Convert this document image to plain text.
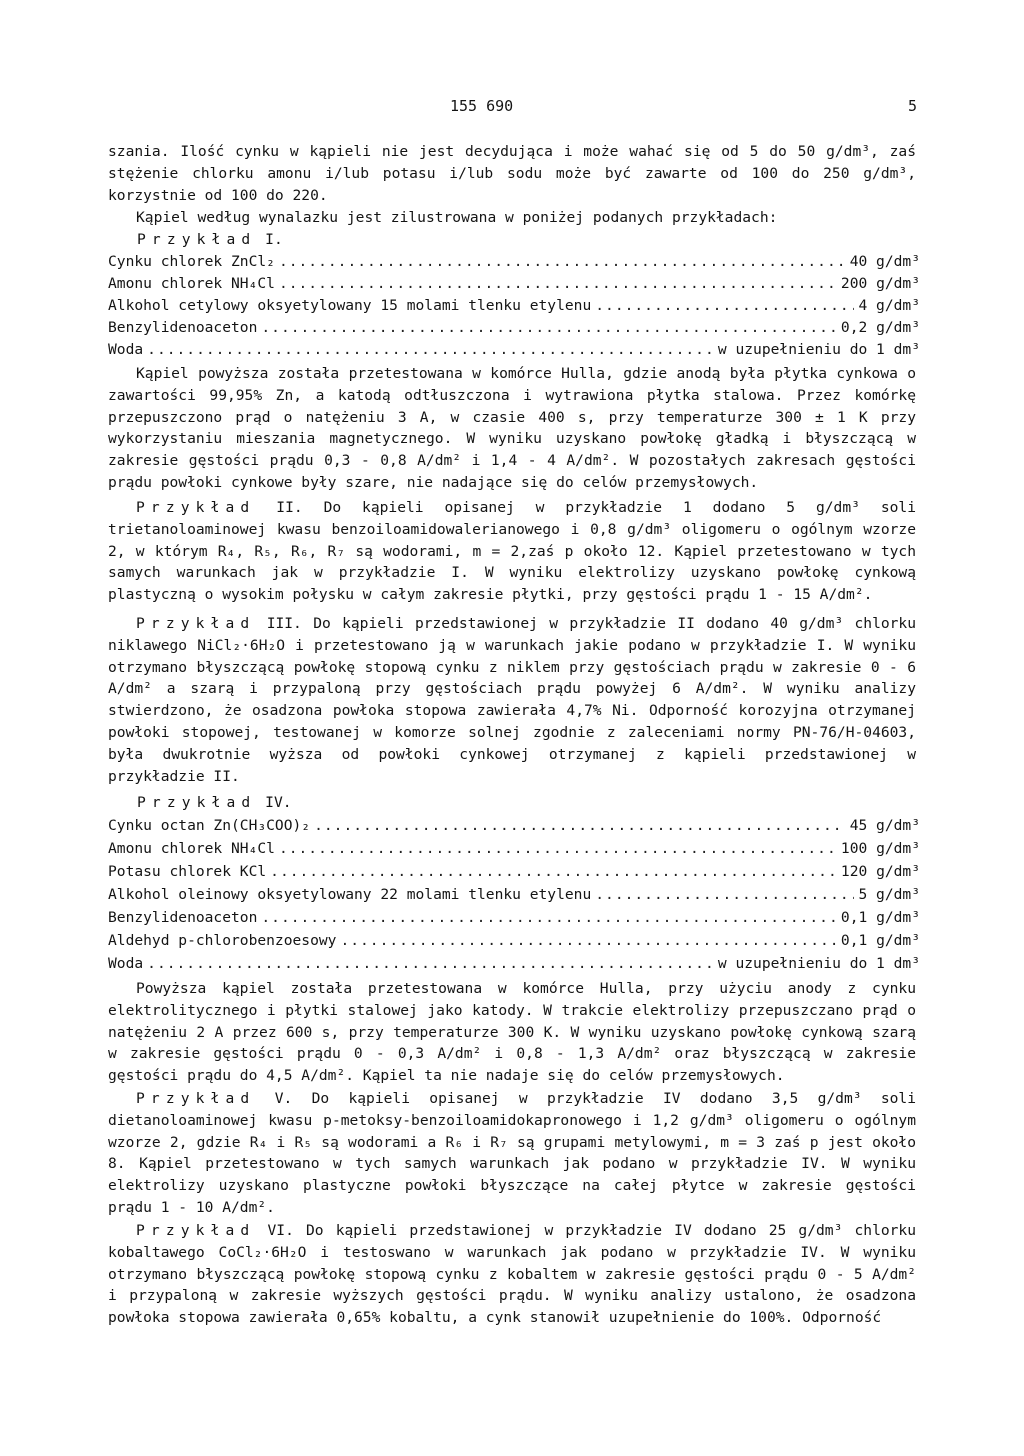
155 690	5

szania. Ilość cynku w kąpieli nie jest decydująca i może wahać się od 5 do 50 g/dm³, zaś stężenie chlorku amonu i/lub potasu i/lub sodu może być zawarte od 100 do 250 g/dm³, korzystnie od 100 do 220.

Kąpiel według wynalazku jest zilustrowana w poniżej podanych przykładach:

Przykład I.
Cynku chlorek ZnCl₂ .....	40 g/dm³
Amonu chlorek NH₄Cl .....	200 g/dm³
Alkohol cetylowy oksyetylowany 15 molami tlenku etylenu .....	4 g/dm³
Benzylidenoaceton .....	0,2 g/dm³
Woda .....	w uzupełnieniu do 1 dm³

Kąpiel powyższa została przetestowana w komórce Hulla, gdzie anodą była płytka cynkowa o zawartości 99,95% Zn, a katodą odtłuszczona i wytrawiona płytka stalowa. Przez komórkę przepuszczono prąd o natężeniu 3 A, w czasie 400 s, przy temperaturze 300 ± 1 K przy wykorzystaniu mieszania magnetycznego. W wyniku uzyskano powłokę gładką i błyszczącą w zakresie gęstości prądu 0,3 - 0,8 A/dm² i 1,4 - 4 A/dm². W pozostałych zakresach gęstości prądu powłoki cynkowe były szare, nie nadające się do celów przemysłowych.

Przykład II. Do kąpieli opisanej w przykładzie 1 dodano 5 g/dm³ soli trietanoloaminowej kwasu benzoiloamidowalerianowego i 0,8 g/dm³ oligomeru o ogólnym wzorze 2, w którym R₄, R₅, R₆, R₇ są wodorami, m = 2,zaś p około 12. Kąpiel przetestowano w tych samych warunkach jak w przykładzie I. W wyniku elektrolizy uzyskano powłokę cynkową plastyczną o wysokim połysku w całym zakresie płytki, przy gęstości prądu 1 - 15 A/dm².

Przykład III. Do kąpieli przedstawionej w przykładzie II dodano 40 g/dm³ chlorku niklawego NiCl₂·6H₂O i przetestowano ją w warunkach jakie podano w przykładzie I. W wyniku otrzymano błyszczącą powłokę stopową cynku z niklem przy gęstościach prądu w zakresie 0 - 6 A/dm² a szarą i przypaloną przy gęstościach prądu powyżej 6 A/dm². W wyniku analizy stwierdzono, że osadzona powłoka stopowa zawierała 4,7% Ni. Odporność korozyjna otrzymanej powłoki stopowej, testowanej w komorze solnej zgodnie z zaleceniami normy PN-76/H-04603, była dwukrotnie wyższa od powłoki cynkowej otrzymanej z kąpieli przedstawionej w przykładzie II.

Przykład IV.
Cynku octan Zn(CH₃COO)₂ .....	45 g/dm³
Amonu chlorek NH₄Cl .....	100 g/dm³
Potasu chlorek KCl .....	120 g/dm³
Alkohol oleinowy oksyetylowany 22 molami tlenku etylenu .....	5 g/dm³
Benzylidenoaceton .....	0,1 g/dm³
Aldehyd p-chlorobenzoesowy .....	0,1 g/dm³
Woda .....	w uzupełnieniu do 1 dm³

Powyższa kąpiel została przetestowana w komórce Hulla, przy użyciu anody z cynku elektrolitycznego i płytki stalowej jako katody. W trakcie elektrolizy przepuszczano prąd o natężeniu 2 A przez 600 s, przy temperaturze 300 K. W wyniku uzyskano powłokę cynkową szarą w zakresie gęstości prądu 0 - 0,3 A/dm² i 0,8 - 1,3 A/dm² oraz błyszczącą w zakresie gęstości prądu do 4,5 A/dm². Kąpiel ta nie nadaje się do celów przemysłowych.

Przykład V. Do kąpieli opisanej w przykładzie IV dodano 3,5 g/dm³ soli dietanoloaminowej kwasu p-metoksy-benzoiloamidokapronowego i 1,2 g/dm³ oligomeru o ogólnym wzorze 2, gdzie R₄ i R₅ są wodorami a R₆ i R₇ są grupami metylowymi, m = 3 zaś p jest około 8. Kąpiel przetestowano w tych samych warunkach jak podano w przykładzie IV. W wyniku elektrolizy uzyskano plastyczne powłoki błyszczące na całej płytce w zakresie gęstości prądu 1 - 10 A/dm².

Przykład VI. Do kąpieli przedstawionej w przykładzie IV dodano 25 g/dm³ chlorku kobaltawego CoCl₂·6H₂O i testoswano w warunkach jak podano w przykładzie IV. W wyniku otrzymano błyszczącą powłokę stopową cynku z kobaltem w zakresie gęstości prądu 0 - 5 A/dm² i przypaloną w zakresie wyższych gęstości prądu. W wyniku analizy ustalono, że osadzona powłoka stopowa zawierała 0,65% kobaltu, a cynk stanowił uzupełnienie do 100%. Odporność
